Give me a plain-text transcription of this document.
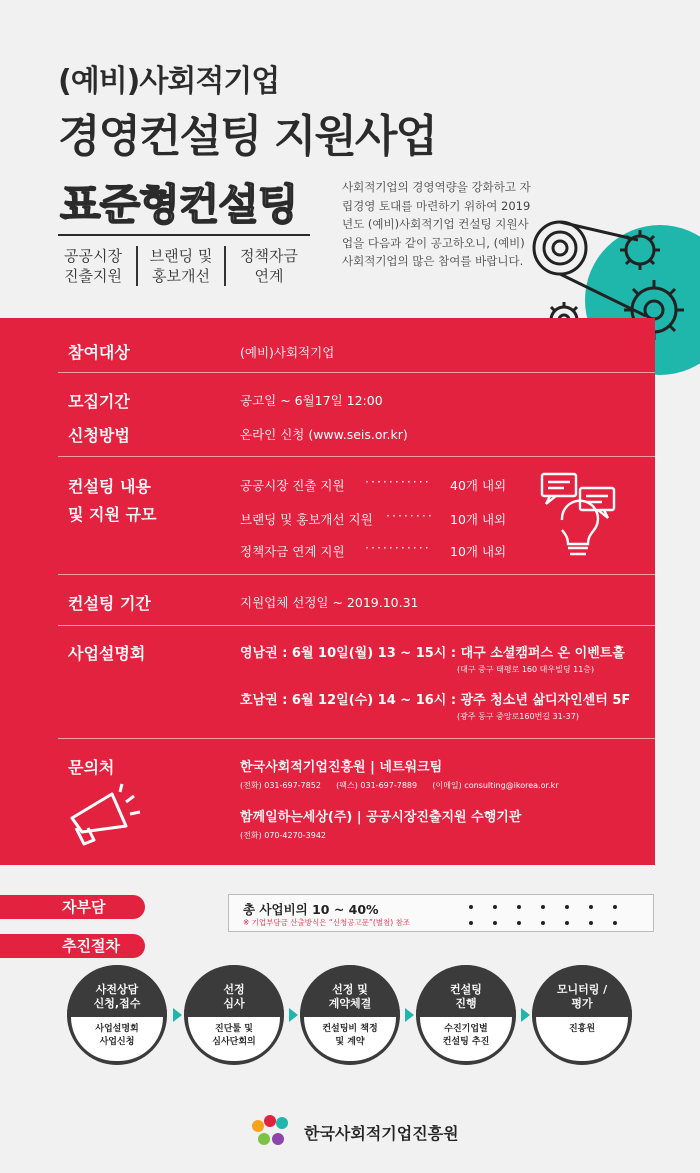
(예비)사회적기업
경영컨설팅 지원사업
표준형컨설팅
공공시장
진출지원
브랜딩 및
홍보개선
정책자금
연계
사회적기업의 경영역량을 강화하고 자립경영 토대를 마련하기 위하여 2019년도 (예비)사회적기업 컨설팅 지원사업을 다음과 같이 공고하오니, (예비)사회적기업의 많은 참여를 바랍니다.
참여대상	(예비)사회적기업
모집기간	공고일 ~ 6월17일 12:00
신청방법	온라인 신청 (www.seis.or.kr)
컨설팅 내용
및 지원 규모
공공시장 진출 지원 ··········· 40개 내외
브랜딩 및 홍보개선 지원 ········ 10개 내외
정책자금 연계 지원 ··········· 10개 내외
컨설팅 기간	지원업체 선정일 ~ 2019.10.31
사업설명회	영남권 : 6월 10일(월) 13 ~ 15시 : 대구 소셜캠퍼스 온 이벤트홀
(대구 중구 태평로 160 대우빌딩 11층)
호남권 : 6월 12일(수) 14 ~ 16시 : 광주 청소년 삶디자인센터 5F
(광주 동구 중앙로160번길 31-37)
문의처	한국사회적기업진흥원 | 네트워크팀
(전화) 031-697-7852      (팩스) 031-697-7889      (이메일) consulting@ikorea.or.kr
함께일하는세상(주) | 공공시장진출지원 수행기관
(전화) 070-4270-3942
자부담	총 사업비의 10 ~ 40%
※ 기업부담금 산출방식은 “신청공고문”(별첨) 참조
추진절차
사전상담
신청,접수
사업설명회
사업신청
선정
심사
진단툴 및
심사단회의
선정 및
계약체결
컨설팅비 책정
및 계약
컨설팅
진행
수진기업별
컨설팅 추진
모니터링 /
평가
진흥원
한국사회적기업진흥원
